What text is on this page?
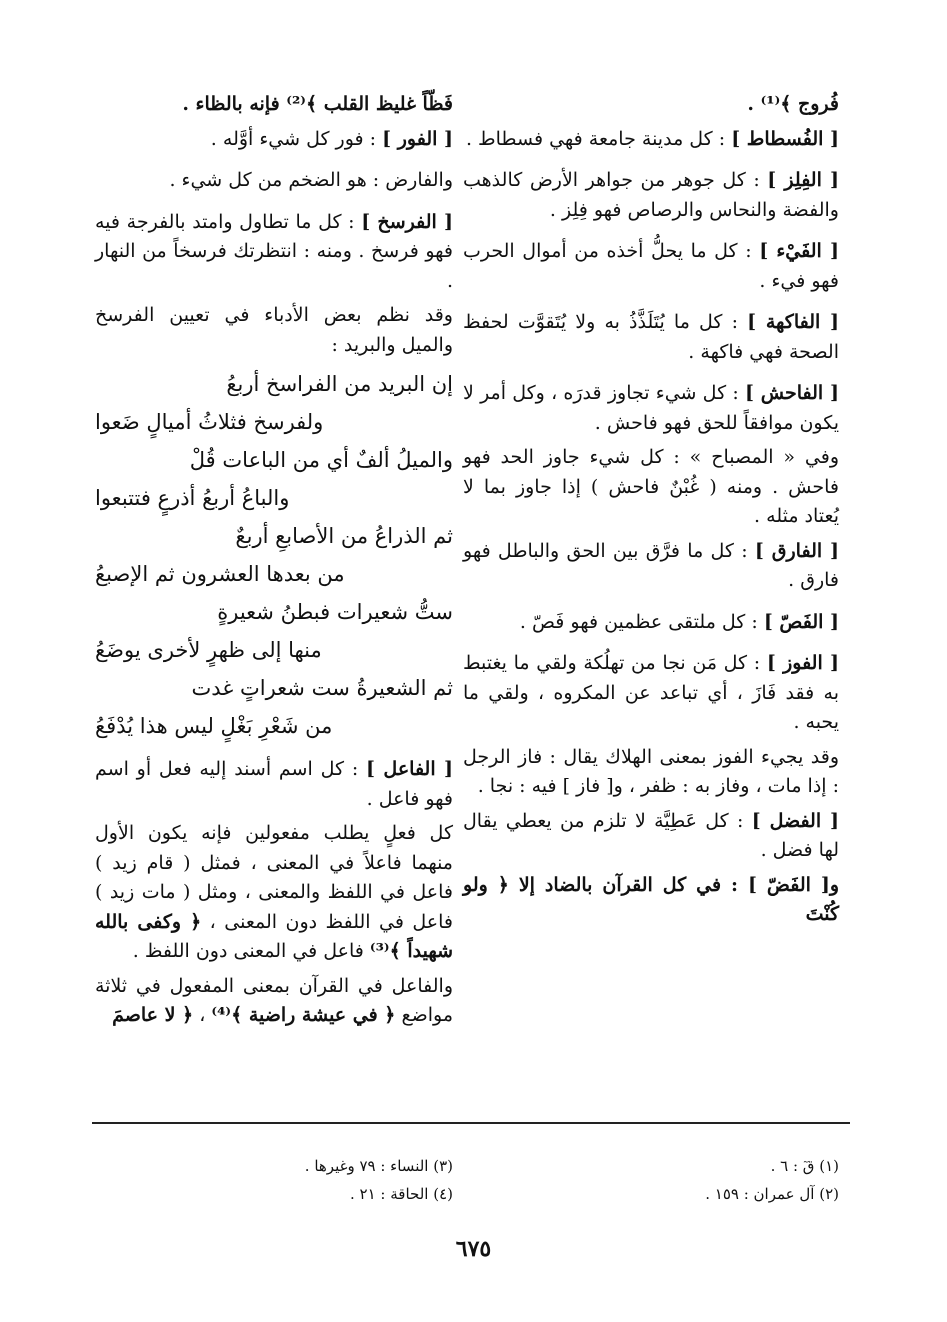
فُروج ﴾⁽¹⁾ .
[ الفُسطاط ] : كل مدينة جامعة فهي فسطاط .
[ الفِلِز ] : كل جوهر من جواهر الأرض كالذهب والفضة والنحاس والرصاص فهو فِلِز .
[ الفَيْء ] : كل ما يحلُّ أخذه من أموال الحرب فهو فيء .
[ الفاكهة ] : كل ما يُتَلَذَّذُ به ولا يُتَقوَّت لحفظ الصحة فهي فاكهة .
[ الفاحش ] : كل شيء تجاوز قدرَه ، وكل أمر لا يكون موافقاً للحق فهو فاحش .
وفي « المصباح » : كل شيء جاوز الحد فهو فاحش . ومنه ( غُبْنٌ فاحش ) إذا جاوز بما لا يُعتاد مثله .
[ الفارق ] : كل ما فرَّق بين الحق والباطل فهو فارق .
[ الفَصّ ] : كل ملتقى عظمين فهو فَصّ .
[ الفوز ] : كل مَن نجا من تهلُكة ولقي ما يغتبط به فقد فَازَ ، أي تباعد عن المكروه ، ولقي ما يحبه .
وقد يجيء الفوز بمعنى الهلاك يقال : فاز الرجل : إذا مات ، وفاز به : ظفر ، و[ فاز ] فيه : نجا .
[ الفضل ] : كل عَطِيَّة لا تلزم من يعطي يقال لها فضل .
و[ الفَضّ ] : في كل القرآن بالضاد إلا ﴿ ولو كُنْتَ
فَظّاً غليظ القلب ﴾⁽²⁾ فإنه بالظاء .
[ الفور ] : فور كل شيء أوَّله .
والفارض : هو الضخم من كل شيء .
[ الفرسخ ] : كل ما تطاول وامتد بالفرجة فيه فهو فرسخ . ومنه : انتظرتك فرسخاً من النهار .
وقد نظم بعض الأدباء في تعيين الفرسخ والميل والبريد :
إن البريد من الفراسخ أربعُ
ولفرسخ فثلاثُ أميالٍ ضَعوا
والميلُ ألفٌ أي من الباعات قُلْ
والباعُ أربعُ أذرعٍ فتتبعوا
ثم الذراعُ من الأصابعِ أربعٌ
من بعدها العشرون ثم الإصبعُ
ستُّ شعيرات فبطنُ شعيرةٍ
منها إلى ظهرٍ لأخرى يوضَعُ
ثم الشعيرةُ ست شعراتٍ غدت
من شَعْرِ بَغْلٍ ليس هذا يُدْفَعُ
[ الفاعل ] : كل اسم أسند إليه فعل أو اسم فهو فاعل .
كل فعلٍ يطلب مفعولين فإنه يكون الأول منهما فاعلاً في المعنى ، فمثل ( قام زيد ) فاعل في اللفظ والمعنى ، ومثل ( مات زيد ) فاعل في اللفظ دون المعنى ، ﴿ وكفى بالله شهيداً ﴾⁽³⁾ فاعل في المعنى دون اللفظ .
والفاعل في القرآن بمعنى المفعول في ثلاثة مواضع ﴿ في عيشة راضية ﴾⁽⁴⁾ ، ﴿ لا عاصمَ
(١) قٓ : ٦ .
(٢) آل عمران : ١٥٩ .
(٣) النساء : ٧٩ وغيرها .
(٤) الحاقة : ٢١ .
٦٧٥
